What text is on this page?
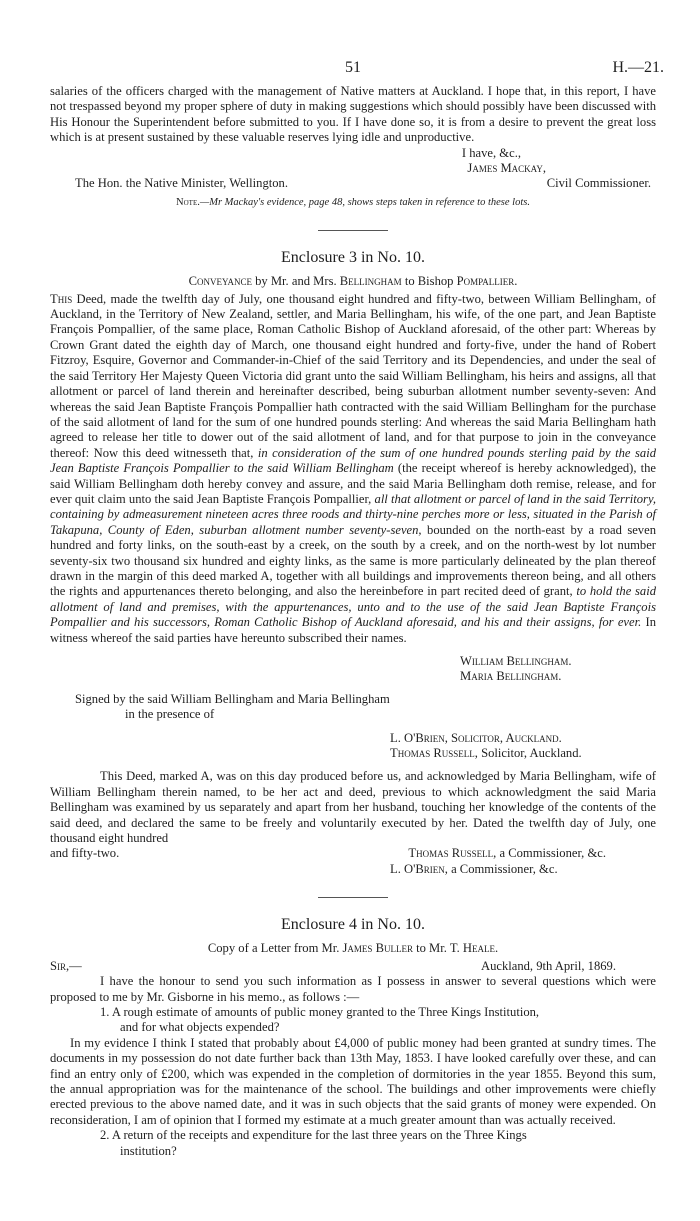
51	H.—21.

salaries of the officers charged with the management of Native matters at Auckland. I hope that, in this report, I have not trespassed beyond my proper sphere of duty in making suggestions which should possibly have been discussed with His Honour the Superintendent before submitted to you. If I have done so, it is from a desire to prevent the great loss which is at present sustained by these valuable reserves lying idle and unproductive.

I have, &c.,
James Mackay,
The Hon. the Native Minister, Wellington.	Civil Commissioner.
Note.—Mr Mackay's evidence, page 48, shows steps taken in reference to these lots.
Enclosure 3 in No. 10.
Conveyance by Mr. and Mrs. Bellingham to Bishop Pompallier.

This Deed, made the twelfth day of July, one thousand eight hundred and fifty-two, between William Bellingham, of Auckland, in the Territory of New Zealand, settler, and Maria Bellingham, his wife, of the one part, and Jean Baptiste François Pompallier, of the same place, Roman Catholic Bishop of Auckland aforesaid, of the other part: Whereas by Crown Grant dated the eighth day of March, one thousand eight hundred and forty-five, under the hand of Robert Fitzroy, Esquire, Governor and Commander-in-Chief of the said Territory and its Dependencies, and under the seal of the said Territory Her Majesty Queen Victoria did grant unto the said William Bellingham, his heirs and assigns, all that allotment or parcel of land therein and hereinafter described, being suburban allotment number seventy-seven: And whereas the said Jean Baptiste François Pompallier hath contracted with the said William Bellingham for the purchase of the said allotment of land for the sum of one hundred pounds sterling: And whereas the said Maria Bellingham hath agreed to release her title to dower out of the said allotment of land, and for that purpose to join in the conveyance thereof: Now this deed witnesseth that, in consideration of the sum of one hundred pounds sterling paid by the said Jean Baptiste François Pompallier to the said William Bellingham (the receipt whereof is hereby acknowledged), the said William Bellingham doth hereby convey and assure, and the said Maria Bellingham doth remise, release, and for ever quit claim unto the said Jean Baptiste François Pompallier, all that allotment or parcel of land in the said Territory, containing by admeasurement nineteen acres three roods and thirty-nine perches more or less, situated in the Parish of Takapuna, County of Eden, suburban allotment number seventy-seven, bounded on the north-east by a road seven hundred and forty links, on the south-east by a creek, on the south by a creek, and on the north-west by lot number seventy-six two thousand six hundred and eighty links, as the same is more particularly delineated by the plan thereof drawn in the margin of this deed marked A, together with all buildings and improvements thereon being, and all others the rights and appurtenances thereto belonging, and also the hereinbefore in part recited deed of grant, to hold the said allotment of land and premises, with the appurtenances, unto and to the use of the said Jean Baptiste François Pompallier and his successors, Roman Catholic Bishop of Auckland aforesaid, and his and their assigns, for ever. In witness whereof the said parties have hereunto subscribed their names.

William Bellingham.
Maria Bellingham.
Signed by the said William Bellingham and Maria Bellingham
in the presence of
L. O'Brien, Solicitor, Auckland.
Thomas Russell, Solicitor, Auckland.

This Deed, marked A, was on this day produced before us, and acknowledged by Maria Bellingham, wife of William Bellingham therein named, to be her act and deed, previous to which acknowledgment the said Maria Bellingham was examined by us separately and apart from her husband, touching her knowledge of the contents of the said deed, and declared the same to be freely and voluntarily executed by her. Dated the twelfth day of July, one thousand eight hundred

and fifty-two.	Thomas Russell, a Commissioner, &c.
L. O'Brien, a Commissioner, &c.
Enclosure 4 in No. 10.
Copy of a Letter from Mr. James Buller to Mr. T. Heale.
Sir,—	Auckland, 9th April, 1869.

I have the honour to send you such information as I possess in answer to several questions which were proposed to me by Mr. Gisborne in his memo., as follows :—

1. A rough estimate of amounts of public money granted to the Three Kings Institution,
and for what objects expended?

In my evidence I think I stated that probably about £4,000 of public money had been granted at sundry times. The documents in my possession do not date further back than 13th May, 1853. I have looked carefully over these, and can find an entry only of £200, which was expended in the completion of dormitories in the year 1855. Beyond this sum, the annual appropriation was for the maintenance of the school. The buildings and other improvements were chiefly erected previous to the above named date, and it was in such objects that the said grants of money were expended. On reconsideration, I am of opinion that I formed my estimate at a much greater amount than was actually received.

2. A return of the receipts and expenditure for the last three years on the Three Kings
institution?
